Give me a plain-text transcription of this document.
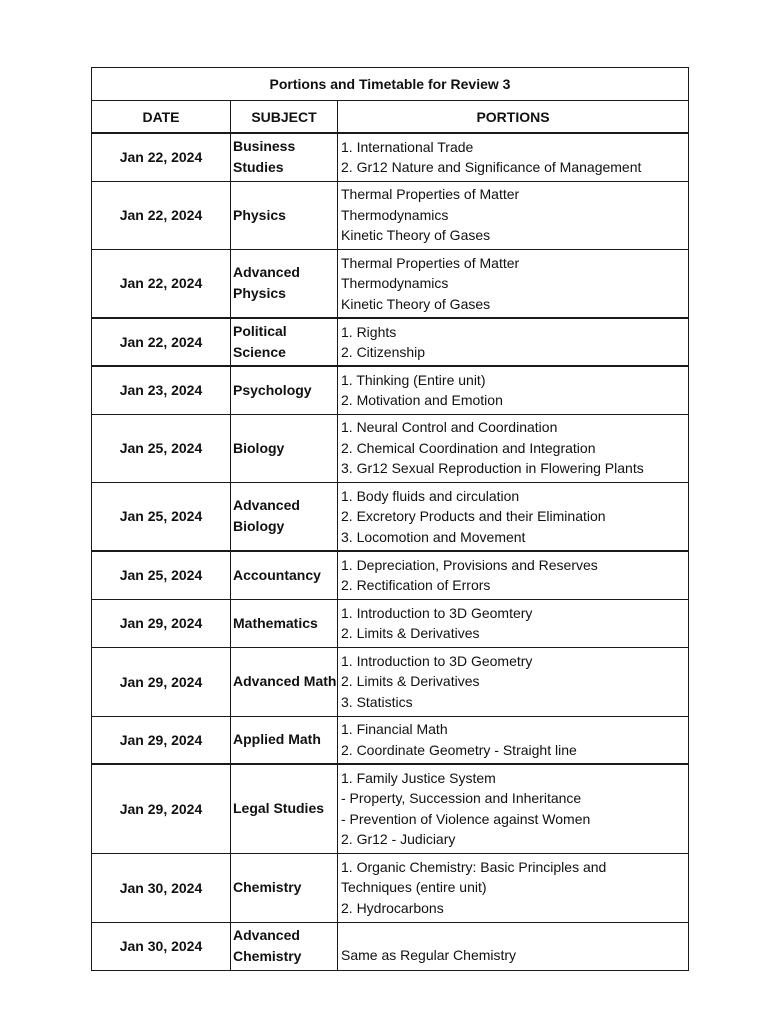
Portions and Timetable for Review 3		
DATE	SUBJECT	PORTIONS
Jan 22, 2024	Business Studies	1. International Trade
2. Gr12 Nature and Significance of Management

Jan 22, 2024	Physics	Thermal Properties of Matter
Thermodynamics
Kinetic Theory of Gases

Jan 22, 2024	Advanced Physics	Thermal Properties of Matter
Thermodynamics
Kinetic Theory of Gases

Jan 22, 2024	Political Science	1. Rights
2. Citizenship

Jan 23, 2024	Psychology	1. Thinking (Entire unit)
2. Motivation and Emotion

Jan 25, 2024	Biology	1. Neural Control and Coordination
2. Chemical Coordination and Integration
3. Gr12 Sexual Reproduction in Flowering Plants

Jan 25, 2024	Advanced Biology	1. Body fluids and circulation
2. Excretory Products and their Elimination
3. Locomotion and Movement

Jan 25, 2024	Accountancy	1. Depreciation, Provisions and Reserves
2. Rectification of Errors

Jan 29, 2024	Mathematics	1. Introduction to 3D Geomtery
2. Limits & Derivatives

Jan 29, 2024	Advanced Math	1. Introduction to 3D Geometry
2. Limits & Derivatives
3. Statistics

Jan 29, 2024	Applied Math	1. Financial Math
2. Coordinate Geometry - Straight line

Jan 29, 2024	Legal Studies	1. Family Justice System
- Property, Succession and Inheritance
- Prevention of Violence against Women
2. Gr12 - Judiciary

Jan 30, 2024	Chemistry	1. Organic Chemistry: Basic Principles and
Techniques (entire unit)
2. Hydrocarbons

Jan 30, 2024	Advanced Chemistry	Same as Regular Chemistry
